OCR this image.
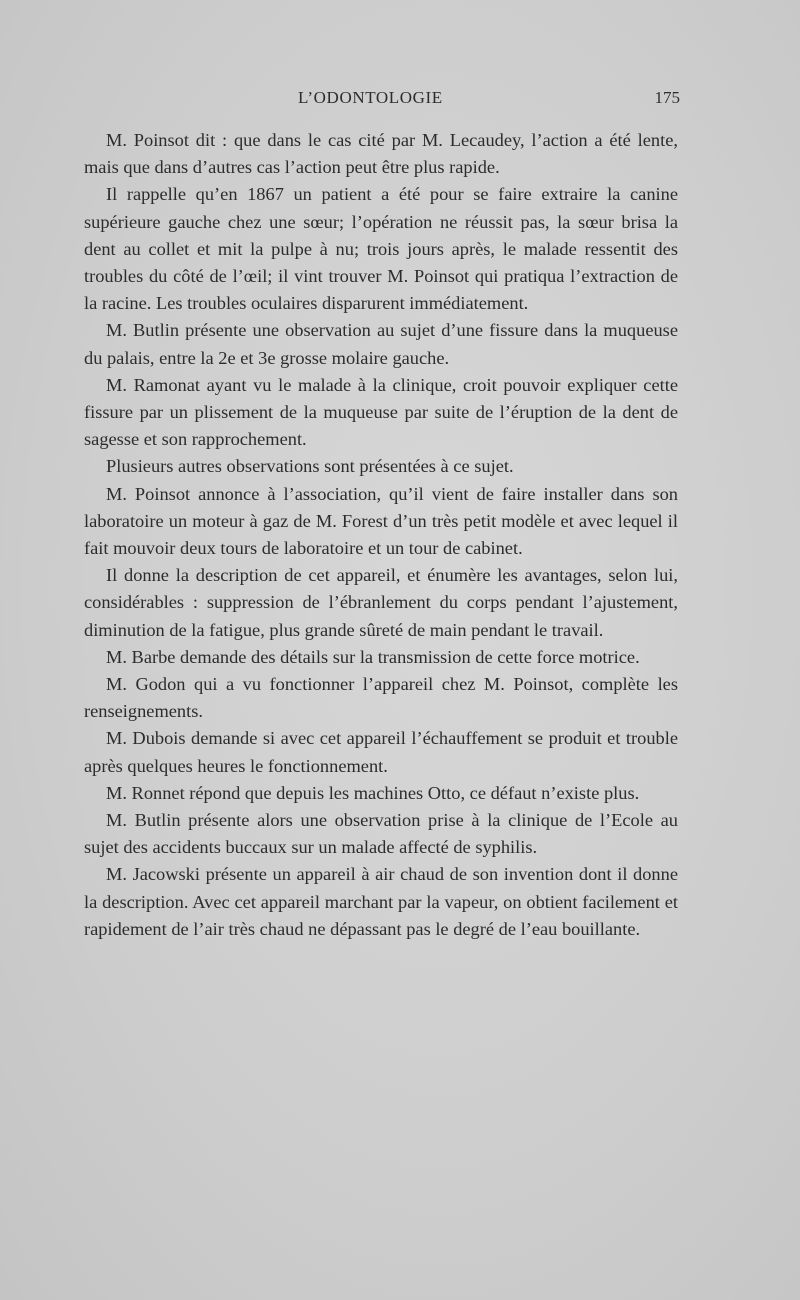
L’ODONTOLOGIE	175

M. Poinsot dit : que dans le cas cité par M. Lecaudey, l’action a été lente, mais que dans d’autres cas l’action peut être plus rapide.

Il rappelle qu’en 1867 un patient a été pour se faire extraire la canine supérieure gauche chez une sœur; l’opération ne réussit pas, la sœur brisa la dent au collet et mit la pulpe à nu; trois jours après, le malade ressentit des troubles du côté de l’œil; il vint trouver M. Poinsot qui pratiqua l’extraction de la racine. Les troubles oculaires disparurent immédiatement.

M. Butlin présente une observation au sujet d’une fissure dans la muqueuse du palais, entre la 2e et 3e grosse molaire gauche.

M. Ramonat ayant vu le malade à la clinique, croit pouvoir expliquer cette fissure par un plissement de la muqueuse par suite de l’éruption de la dent de sagesse et son rapprochement.

Plusieurs autres observations sont présentées à ce sujet.

M. Poinsot annonce à l’association, qu’il vient de faire installer dans son laboratoire un moteur à gaz de M. Forest d’un très petit modèle et avec lequel il fait mouvoir deux tours de laboratoire et un tour de cabinet.

Il donne la description de cet appareil, et énumère les avantages, selon lui, considérables : suppression de l’ébranlement du corps pendant l’ajustement, diminution de la fatigue, plus grande sûreté de main pendant le travail.

M. Barbe demande des détails sur la transmission de cette force motrice.

M. Godon qui a vu fonctionner l’appareil chez M. Poinsot, complète les renseignements.

M. Dubois demande si avec cet appareil l’échauffement se produit et trouble après quelques heures le fonctionnement.

M. Ronnet répond que depuis les machines Otto, ce défaut n’existe plus.

M. Butlin présente alors une observation prise à la clinique de l’Ecole au sujet des accidents buccaux sur un malade affecté de syphilis.

M. Jacowski présente un appareil à air chaud de son invention dont il donne la description. Avec cet appareil marchant par la vapeur, on obtient facilement et rapidement de l’air très chaud ne dépassant pas le degré de l’eau bouillante.
